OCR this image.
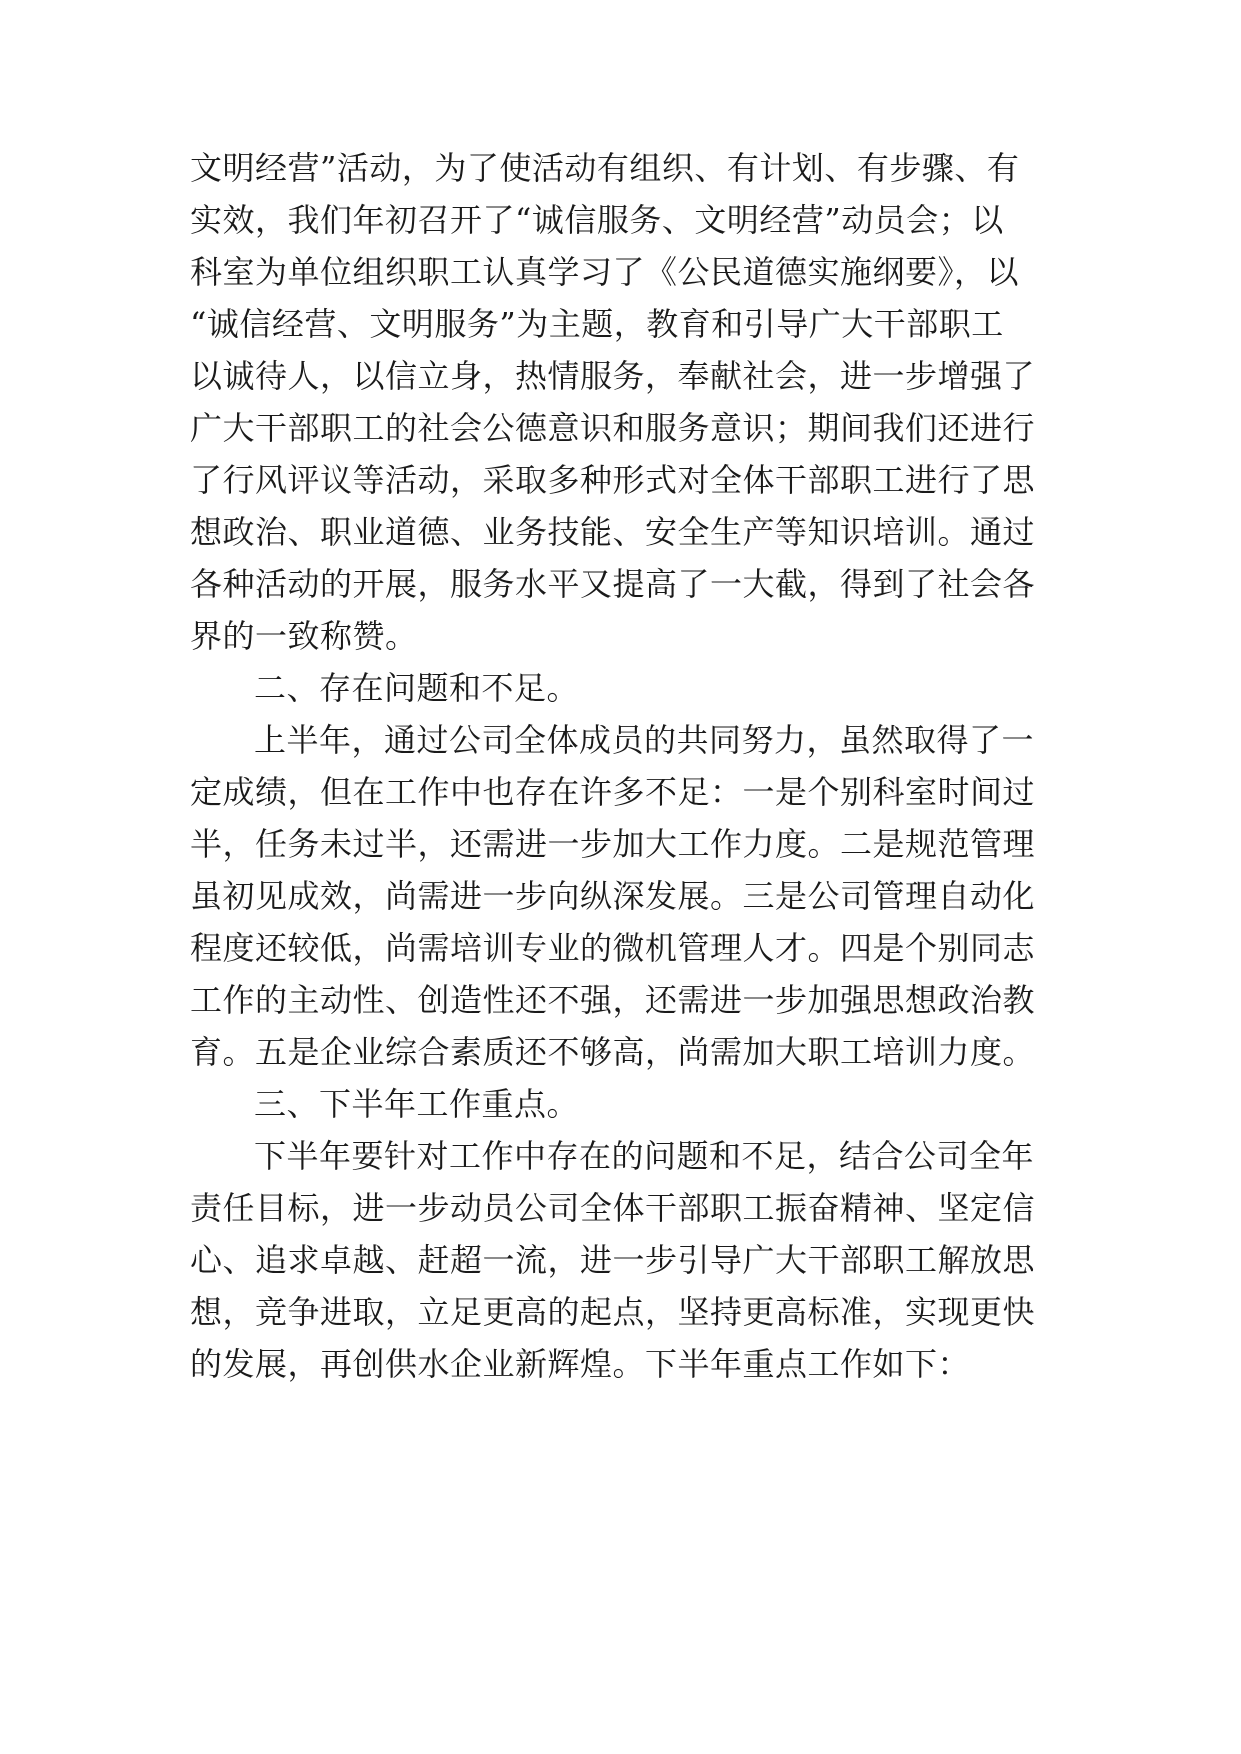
文明经营”活动，为了使活动有组织、有计划、有步骤、有
实效，我们年初召开了“诚信服务、文明经营”动员会；以
科室为单位组织职工认真学习了《公民道德实施纲要》，以
“诚信经营、文明服务”为主题，教育和引导广大干部职工
以诚待人，以信立身，热情服务，奉献社会，进一步增强了
广大干部职工的社会公德意识和服务意识；期间我们还进行
了行风评议等活动，采取多种形式对全体干部职工进行了思
想政治、职业道德、业务技能、安全生产等知识培训。通过
各种活动的开展，服务水平又提高了一大截，得到了社会各
界的一致称赞。
二、存在问题和不足。
上半年，通过公司全体成员的共同努力，虽然取得了一
定成绩，但在工作中也存在许多不足：一是个别科室时间过
半，任务未过半，还需进一步加大工作力度。二是规范管理
虽初见成效，尚需进一步向纵深发展。三是公司管理自动化
程度还较低，尚需培训专业的微机管理人才。四是个别同志
工作的主动性、创造性还不强，还需进一步加强思想政治教
育。五是企业综合素质还不够高，尚需加大职工培训力度。
三、下半年工作重点。
下半年要针对工作中存在的问题和不足，结合公司全年
责任目标，进一步动员公司全体干部职工振奋精神、坚定信
心、追求卓越、赶超一流，进一步引导广大干部职工解放思
想，竞争进取，立足更高的起点，坚持更高标准，实现更快
的发展，再创供水企业新辉煌。下半年重点工作如下：
